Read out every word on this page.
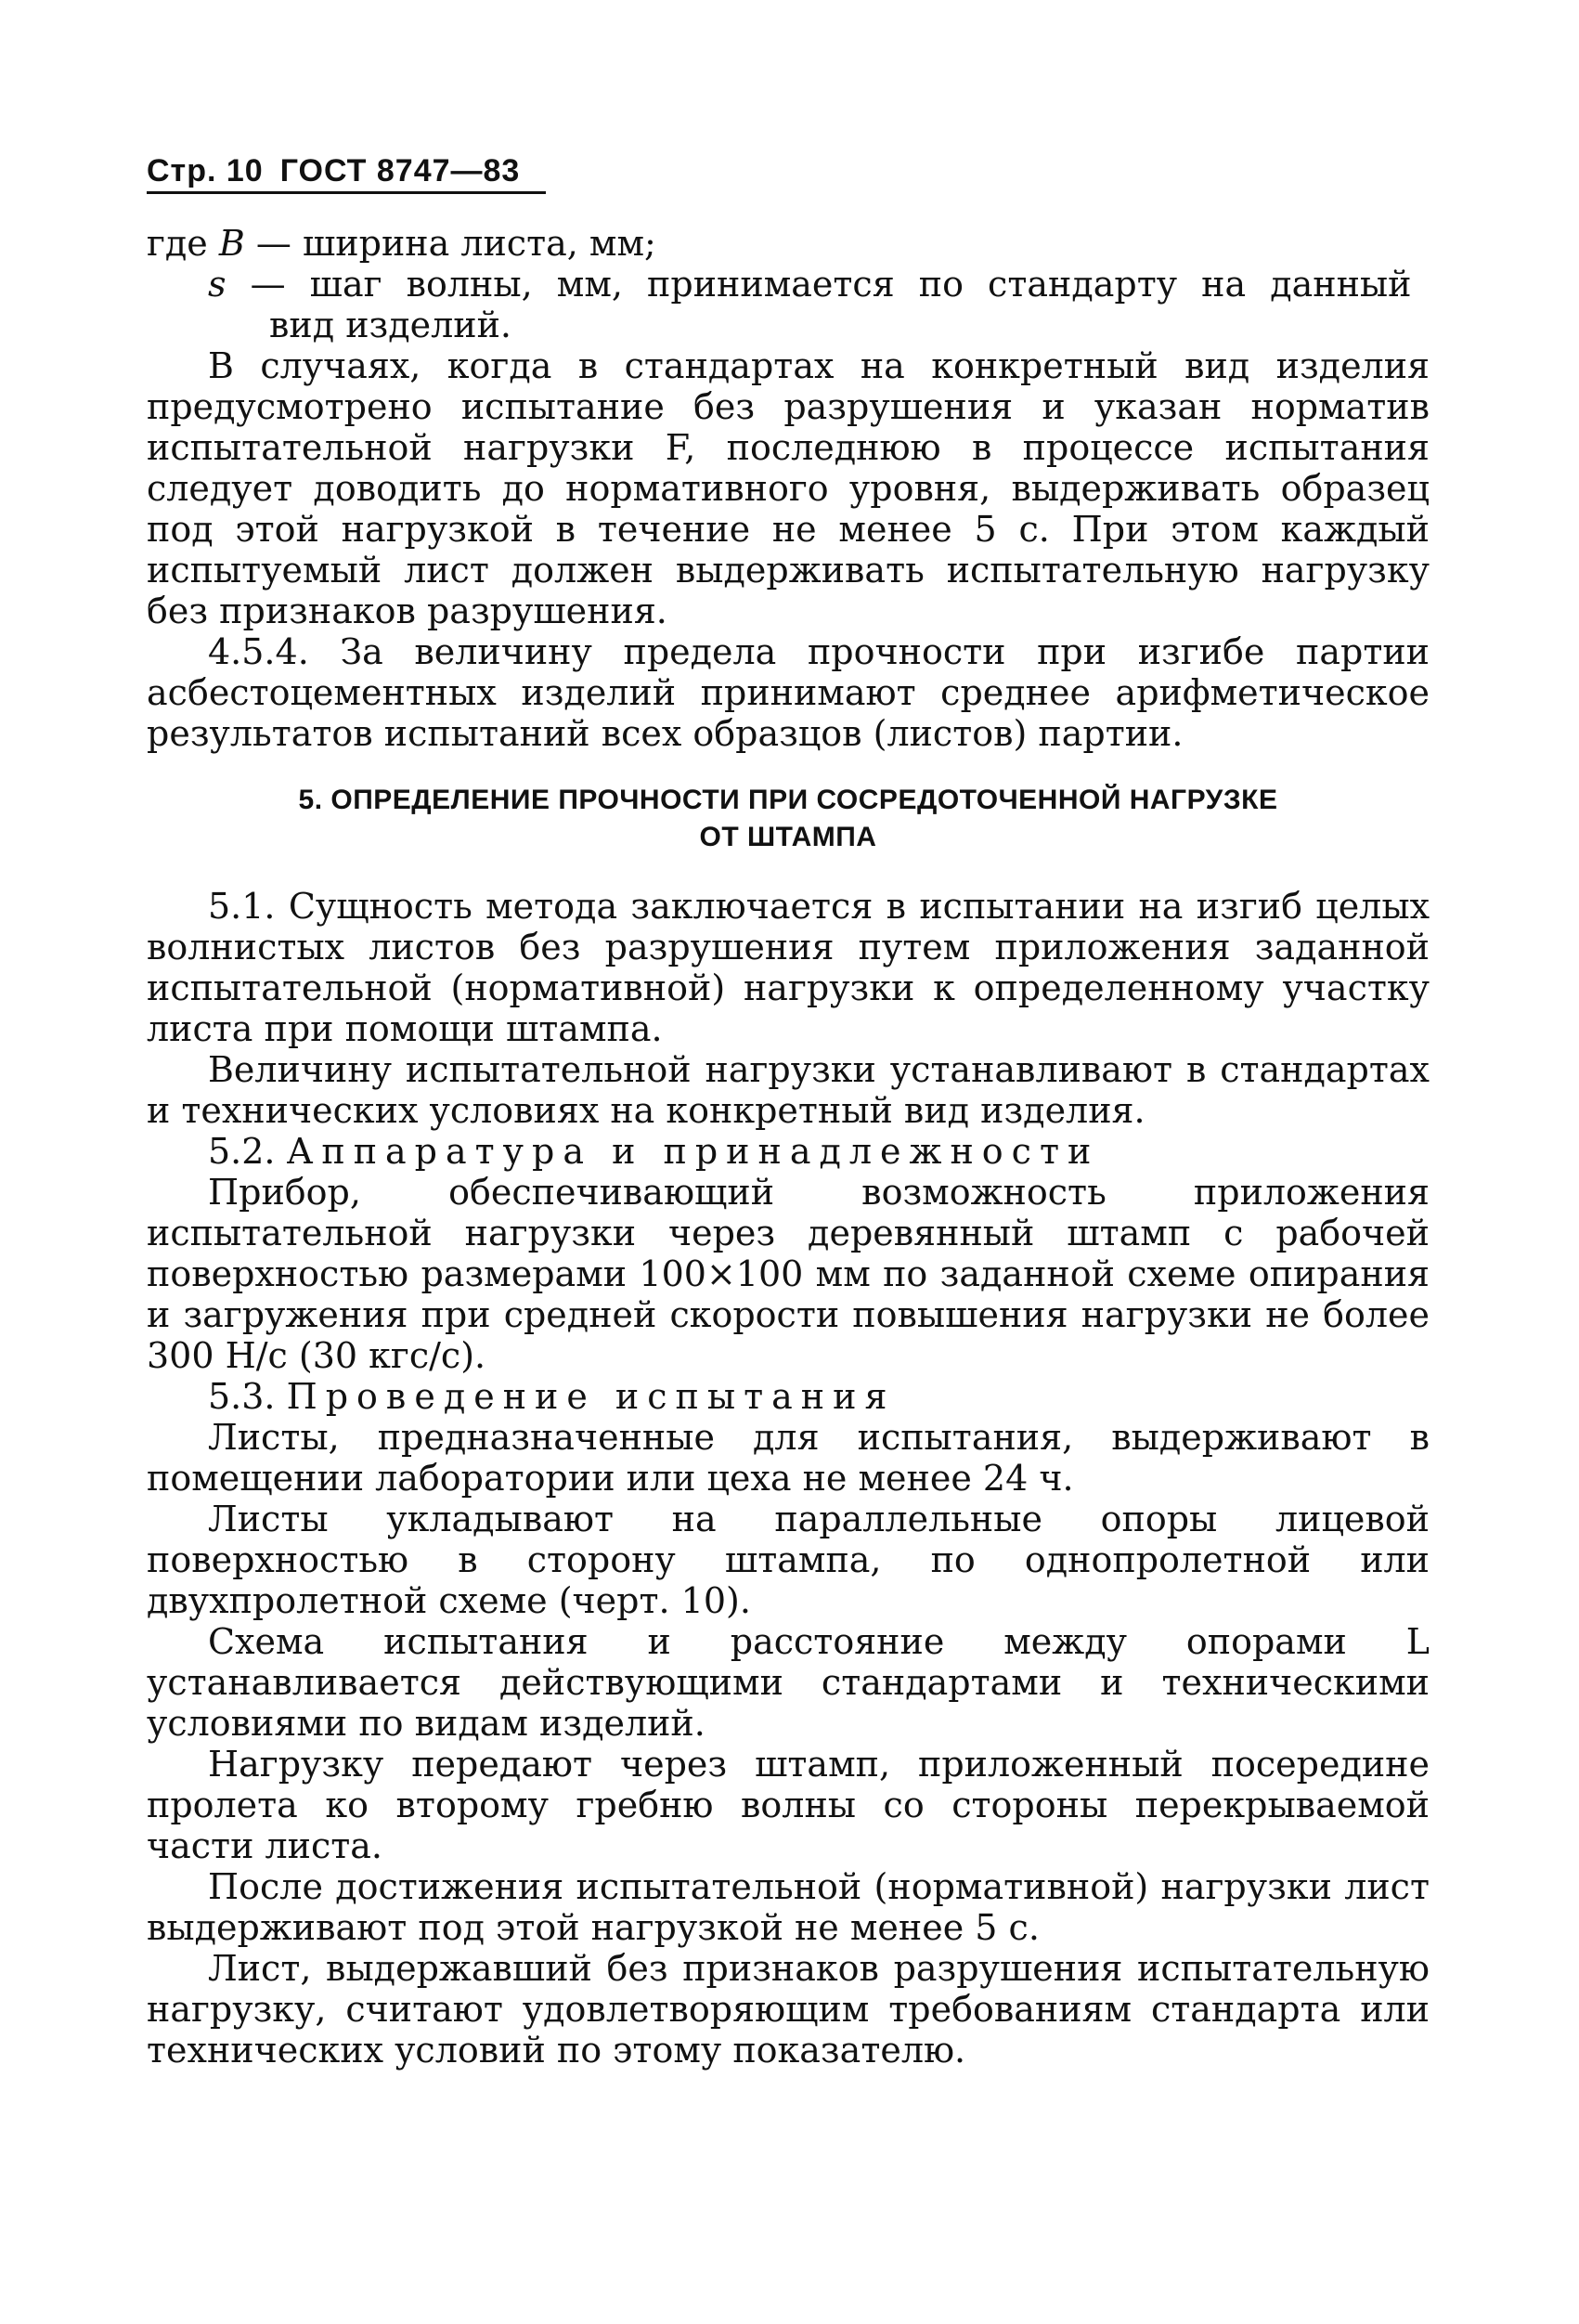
Стр. 10 ГОСТ 8747—83
где B — ширина листа, мм;
s — шаг волны, мм, принимается по стандарту на данный
вид изделий.

В случаях, когда в стандартах на конкретный вид изделия предусмотрено испытание без разрушения и указан норматив испытательной нагрузки F, последнюю в процессе испытания следует доводить до нормативного уровня, выдерживать образец под этой нагрузкой в течение не менее 5 с. При этом каждый испытуемый лист должен выдерживать испытательную нагрузку без признаков разрушения.

4.5.4. За величину предела прочности при изгибе партии асбестоцементных изделий принимают среднее арифметическое результатов испытаний всех образцов (листов) партии.

5. ОПРЕДЕЛЕНИЕ ПРОЧНОСТИ ПРИ СОСРЕДОТОЧЕННОЙ НАГРУЗКЕ
ОТ ШТАМПА

5.1. Сущность метода заключается в испытании на изгиб целых волнистых листов без разрушения путем приложения заданной испытательной (нормативной) нагрузки к определенному участку листа при помощи штампа.

Величину испытательной нагрузки устанавливают в стандартах и технических условиях на конкретный вид изделия.

5.2. Аппаратура и принадлежности

Прибор, обеспечивающий возможность приложения испытательной нагрузки через деревянный штамп с рабочей поверхностью размерами 100×100 мм по заданной схеме опирания и загружения при средней скорости повышения нагрузки не более 300 Н/с (30 кгс/с).

5.3. Проведение испытания

Листы, предназначенные для испытания, выдерживают в помещении лаборатории или цеха не менее 24 ч.

Листы укладывают на параллельные опоры лицевой поверхностью в сторону штампа, по однопролетной или двухпролетной схеме (черт. 10).

Схема испытания и расстояние между опорами L устанавливается действующими стандартами и техническими условиями по видам изделий.

Нагрузку передают через штамп, приложенный посередине пролета ко второму гребню волны со стороны перекрываемой части листа.

После достижения испытательной (нормативной) нагрузки лист выдерживают под этой нагрузкой не менее 5 с.

Лист, выдержавший без признаков разрушения испытательную нагрузку, считают удовлетворяющим требованиям стандарта или технических условий по этому показателю.
